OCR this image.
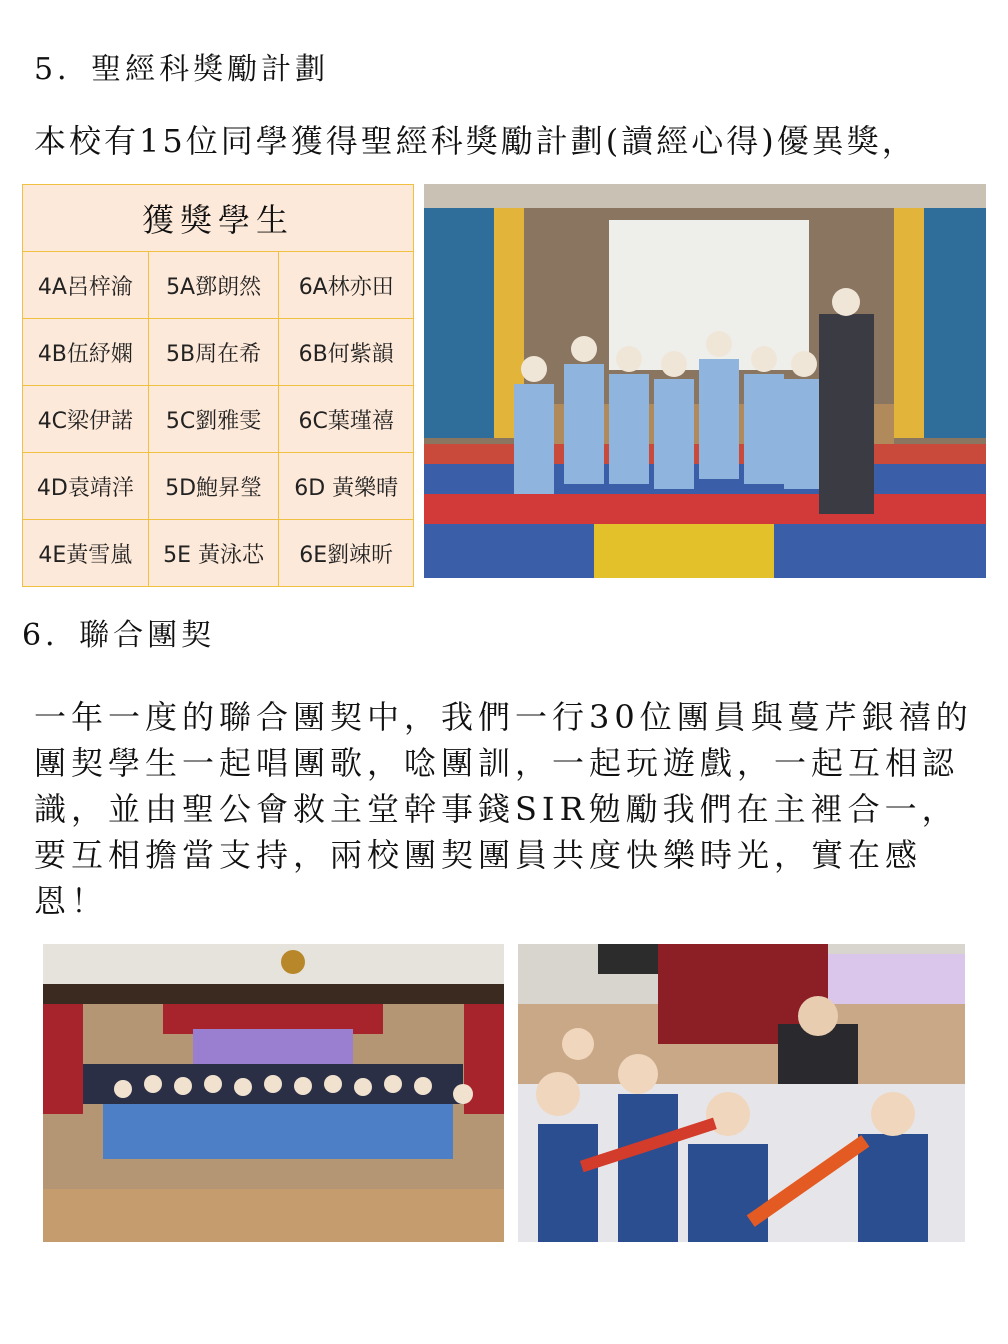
5．聖經科獎勵計劃
本校有15位同學獲得聖經科獎勵計劃(讀經心得)優異獎，
獲獎學生		
4A呂梓渝	5A鄧朗然	6A林亦田
4B伍紓嫻	5B周在希	6B何紫韻
4C梁伊諾	5C劉雅雯	6C葉瑾禧
4D袁靖洋	5D鮑昇瑩	6D 黃樂晴
4E黃雪嵐	5E 黃泳芯	6E劉竦昕
6．聯合團契
一年一度的聯合團契中，我們一行30位團員與蔓芹銀禧的團契學生一起唱團歌，唸團訓，一起玩遊戲，一起互相認識，並由聖公會救主堂幹事錢SIR勉勵我們在主裡合一，要互相擔當支持，兩校團契團員共度快樂時光，實在感恩！
